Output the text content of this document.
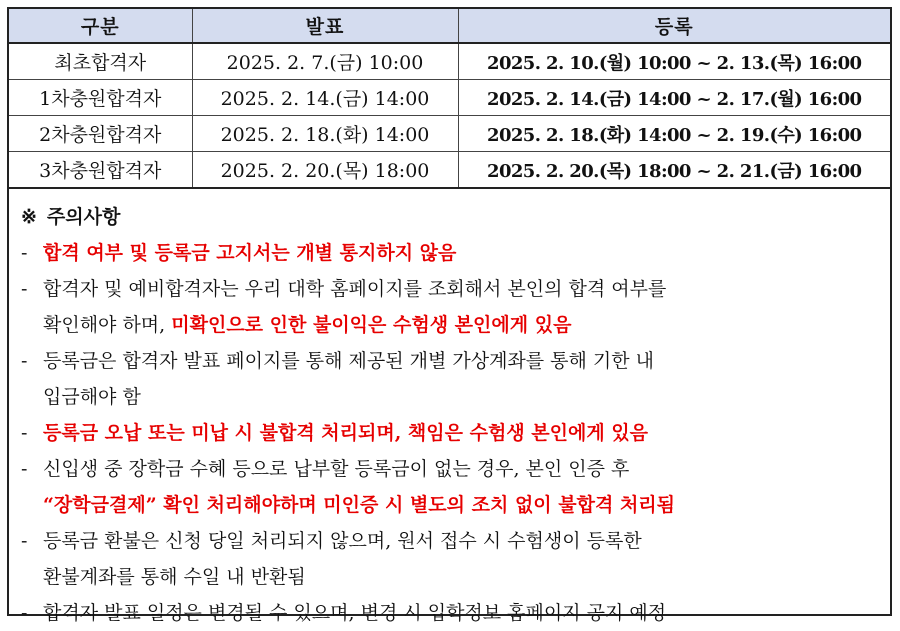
구분	발표	등록
최초합격자	2025. 2. 7.(금) 10:00	2025. 2. 10.(월) 10:00 ~ 2. 13.(목) 16:00
1차충원합격자	2025. 2. 14.(금) 14:00	2025. 2. 14.(금) 14:00 ~ 2. 17.(월) 16:00
2차충원합격자	2025. 2. 18.(화) 14:00	2025. 2. 18.(화) 14:00 ~ 2. 19.(수) 16:00
3차충원합격자	2025. 2. 20.(목) 18:00	2025. 2. 20.(목) 18:00 ~ 2. 21.(금) 16:00
※ 주의사항
- 합격 여부 및 등록금 고지서는 개별 통지하지 않음
- 합격자 및 예비합격자는 우리 대학 홈페이지를 조회해서 본인의 합격 여부를
확인해야 하며, 미확인으로 인한 불이익은 수험생 본인에게 있음
- 등록금은 합격자 발표 페이지를 통해 제공된 개별 가상계좌를 통해 기한 내
입금해야 함
- 등록금 오납 또는 미납 시 불합격 처리되며, 책임은 수험생 본인에게 있음
- 신입생 중 장학금 수혜 등으로 납부할 등록금이 없는 경우, 본인 인증 후
“장학금결제” 확인 처리해야하며 미인증 시 별도의 조치 없이 불합격 처리됨
- 등록금 환불은 신청 당일 처리되지 않으며, 원서 접수 시 수험생이 등록한
환불계좌를 통해 수일 내 반환됨
- 합격자 발표 일정은 변경될 수 있으며, 변경 시 입학정보 홈페이지 공지 예정
